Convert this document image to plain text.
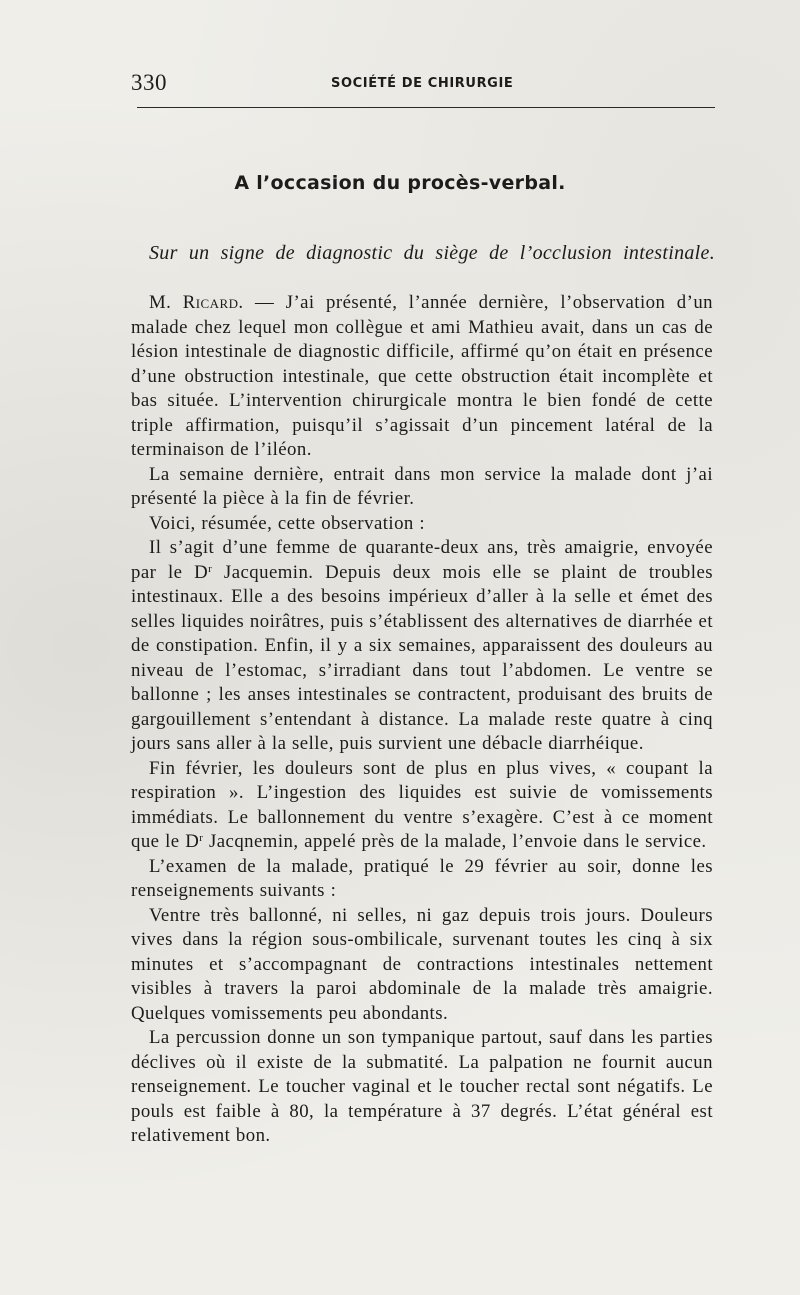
330	SOCIÉTÉ DE CHIRURGIE
A l’occasion du procès-verbal.
Sur un signe de diagnostic du siège de l’occlusion intestinale.

M. Ricard. — J’ai présenté, l’année dernière, l’observation d’un malade chez lequel mon collègue et ami Mathieu avait, dans un cas de lésion intestinale de diagnostic difficile, affirmé qu’on était en présence d’une obstruction intestinale, que cette obstruction était incomplète et bas située. L’intervention chirurgicale montra le bien fondé de cette triple affirmation, puisqu’il s’agissait d’un pincement latéral de la terminaison de l’iléon.

La semaine dernière, entrait dans mon service la malade dont j’ai présenté la pièce à la fin de février.

Voici, résumée, cette observation :

Il s’agit d’une femme de quarante-deux ans, très amaigrie, envoyée par le $D^r$ Jacquemin. Depuis deux mois elle se plaint de troubles intestinaux. Elle a des besoins impérieux d’aller à la selle et émet des selles liquides noirâtres, puis s’établissent des alternatives de diarrhée et de constipation. Enfin, il y a six semaines, apparaissent des douleurs au niveau de l’estomac, s’irradiant dans tout l’abdomen. Le ventre se ballonne ; les anses intestinales se contractent, produisant des bruits de gargouillement s’entendant à distance. La malade reste quatre à cinq jours sans aller à la selle, puis survient une débacle diarrhéique.

Fin février, les douleurs sont de plus en plus vives, « coupant la respiration ». L’ingestion des liquides est suivie de vomissements immédiats. Le ballonnement du ventre s’exagère. C’est à ce moment que le $D^r$ Jacqnemin, appelé près de la malade, l’envoie dans le service.

L’examen de la malade, pratiqué le 29 février au soir, donne les renseignements suivants :

Ventre très ballonné, ni selles, ni gaz depuis trois jours. Douleurs vives dans la région sous-ombilicale, survenant toutes les cinq à six minutes et s’accompagnant de contractions intestinales nettement visibles à travers la paroi abdominale de la malade très amaigrie. Quelques vomissements peu abondants.

La percussion donne un son tympanique partout, sauf dans les parties déclives où il existe de la submatité. La palpation ne fournit aucun renseignement. Le toucher vaginal et le toucher rectal sont négatifs. Le pouls est faible à 80, la température à 37 degrés. L’état général est relativement bon.
